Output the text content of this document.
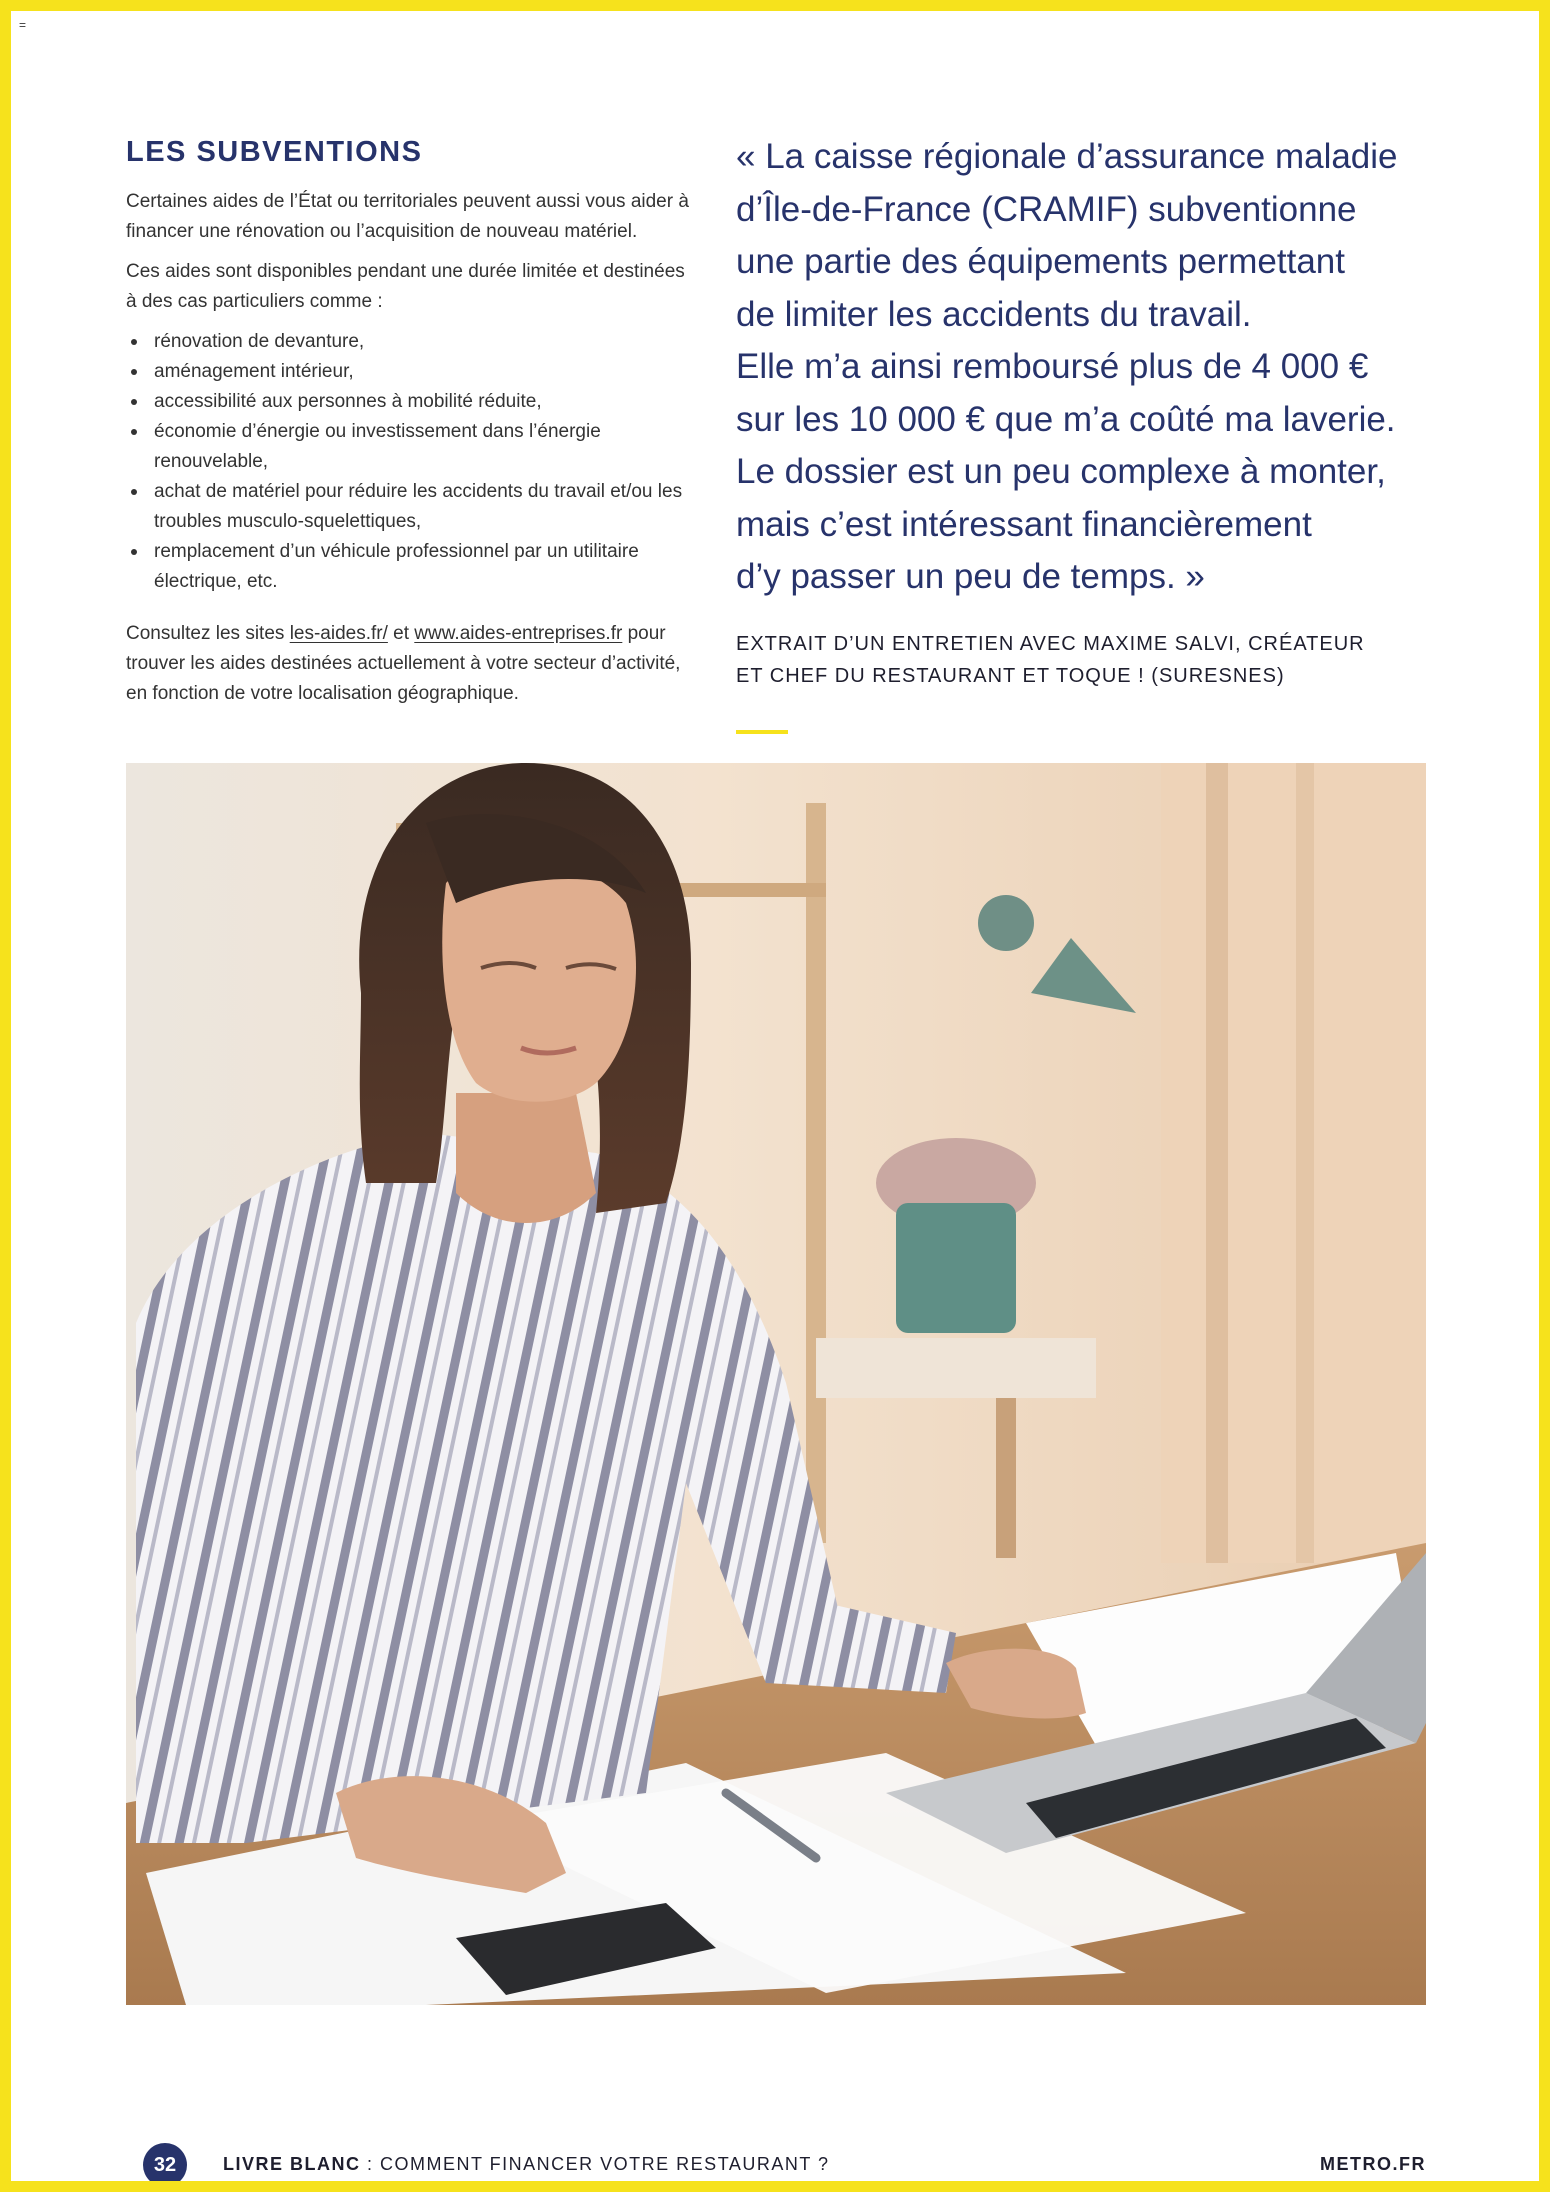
=
LES SUBVENTIONS

Certaines aides de l’État ou territoriales peuvent aussi vous aider à financer une rénovation ou l’acquisition de nouveau matériel.

Ces aides sont disponibles pendant une durée limitée et destinées à des cas particuliers comme :

rénovation de devanture,
aménagement intérieur,
accessibilité aux personnes à mobilité réduite,
économie d’énergie ou investissement dans l’énergie renouvelable,
achat de matériel pour réduire les accidents du travail et/ou les troubles musculo-squelettiques,
remplacement d’un véhicule professionnel par un utilitaire électrique, etc.

Consultez les sites les-aides.fr/ et www.aides-entreprises.fr pour trouver les aides destinées actuellement à votre secteur d’activité, en fonction de votre localisation géographique.

« La caisse régionale d’assurance maladie
d’Île-de-France (CRAMIF) subventionne
une partie des équipements permettant
de limiter les accidents du travail.
Elle m’a ainsi remboursé plus de 4 000 €
sur les 10 000 € que m’a coûté ma laverie.
Le dossier est un peu complexe à monter,
mais c’est intéressant financièrement
d’y passer un peu de temps. »

EXTRAIT D’UN ENTRETIEN AVEC MAXIME SALVI, CRÉATEUR
ET CHEF DU RESTAURANT ET TOQUE ! (SURESNES)

32	LIVRE BLANC : COMMENT FINANCER VOTRE RESTAURANT ?	METRO.FR
